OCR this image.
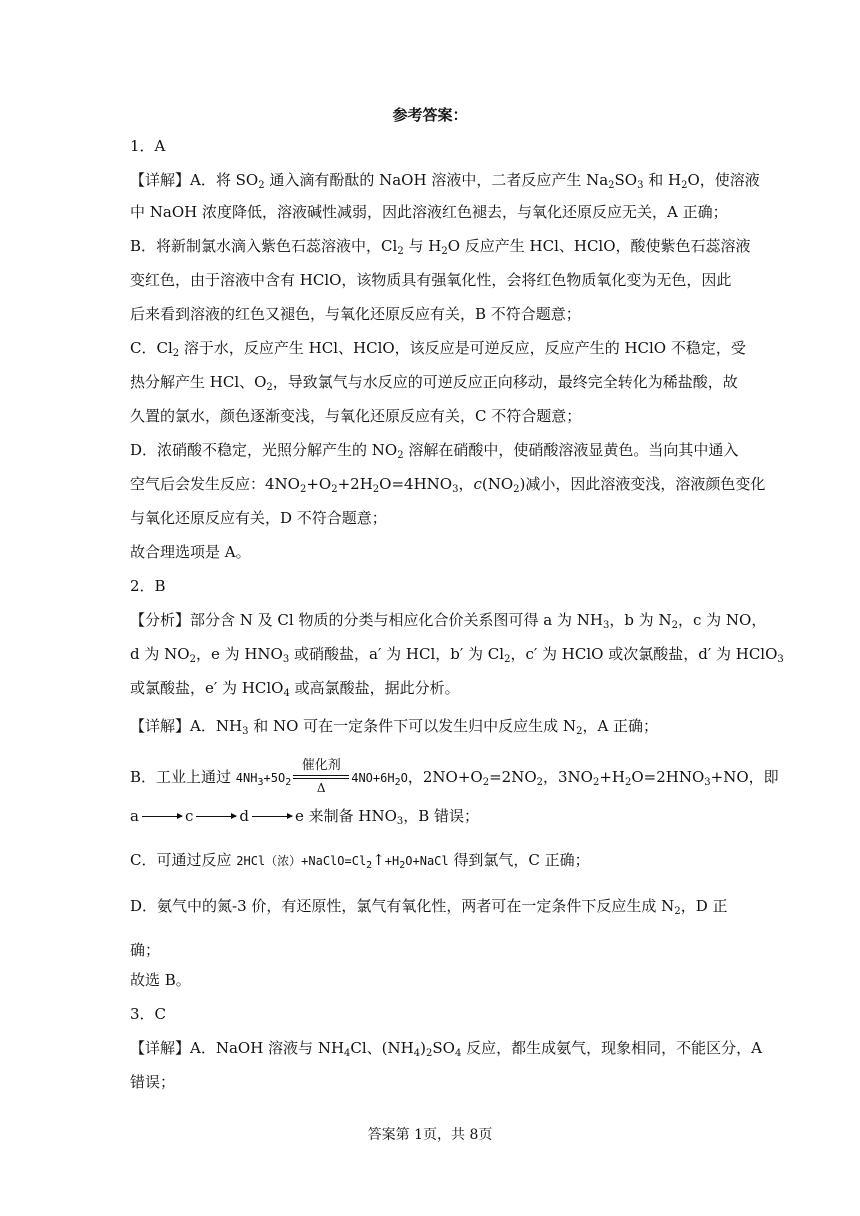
参考答案：
1．A
【详解】A．将 $SO_2$ 通入滴有酚酞的 NaOH 溶液中，二者反应产生 $Na_2SO_3$ 和 $H_2O$，使溶液
中 NaOH 浓度降低，溶液碱性减弱，因此溶液红色褪去，与氧化还原反应无关，A 正确；
B．将新制氯水滴入紫色石蕊溶液中，$Cl_2$ 与 $H_2O$ 反应产生 HCl、HClO，酸使紫色石蕊溶液
变红色，由于溶液中含有 HClO，该物质具有强氧化性，会将红色物质氧化变为无色，因此
后来看到溶液的红色又褪色，与氧化还原反应有关，B 不符合题意；
C．$Cl_2$ 溶于水，反应产生 HCl、HClO，该反应是可逆反应，反应产生的 HClO 不稳定，受
热分解产生 HCl、$O_2$，导致氯气与水反应的可逆反应正向移动，最终完全转化为稀盐酸，故
久置的氯水，颜色逐渐变浅，与氧化还原反应有关，C 不符合题意；
D．浓硝酸不稳定，光照分解产生的 $NO_2$ 溶解在硝酸中，使硝酸溶液显黄色。当向其中通入
空气后会发生反应：$4NO_2+O_2+2H_2O=4HNO_3$，$c(NO_2)$减小，因此溶液变浅，溶液颜色变化
与氧化还原反应有关，D 不符合题意；
故合理选项是 A。
2．B
【分析】部分含 N 及 Cl 物质的分类与相应化合价关系图可得 a 为 $NH_3$，b 为 $N_2$，c 为 NO，
d 为 $NO_2$，e 为 $HNO_3$ 或硝酸盐，a′ 为 HCl，b′ 为 $Cl_2$，c′ 为 HClO 或次氯酸盐，d′ 为 HClO$_3$
或氯酸盐，e′ 为 HClO$_4$ 或高氯酸盐，据此分析。
【详解】A．$NH_3$ 和 NO 可在一定条件下可以发生归中反应生成 $N_2$，A 正确；
B．工业上通过 $4NH_3+5O_2$
催化剂
Δ
$4NO+6H_2O$，$2NO+O_2=2NO_2$，$3NO_2+H_2O=2HNO_3+NO$，即
a	c	d	e 来制备 $HNO_3$，B 错误；
C．可通过反应 2HCl（浓）$+NaClO=Cl_2↑+H_2O+NaCl$ 得到氯气，C 正确；
D．氨气中的氮-3 价，有还原性，氯气有氧化性，两者可在一定条件下反应生成 $N_2$，D 正
确；
故选 B。
3．C
【详解】A．NaOH 溶液与 $NH_4Cl$、$(NH_4)_2SO_4$ 反应，都生成氨气，现象相同，不能区分，A
错误；
答案第 1页，共 8页
